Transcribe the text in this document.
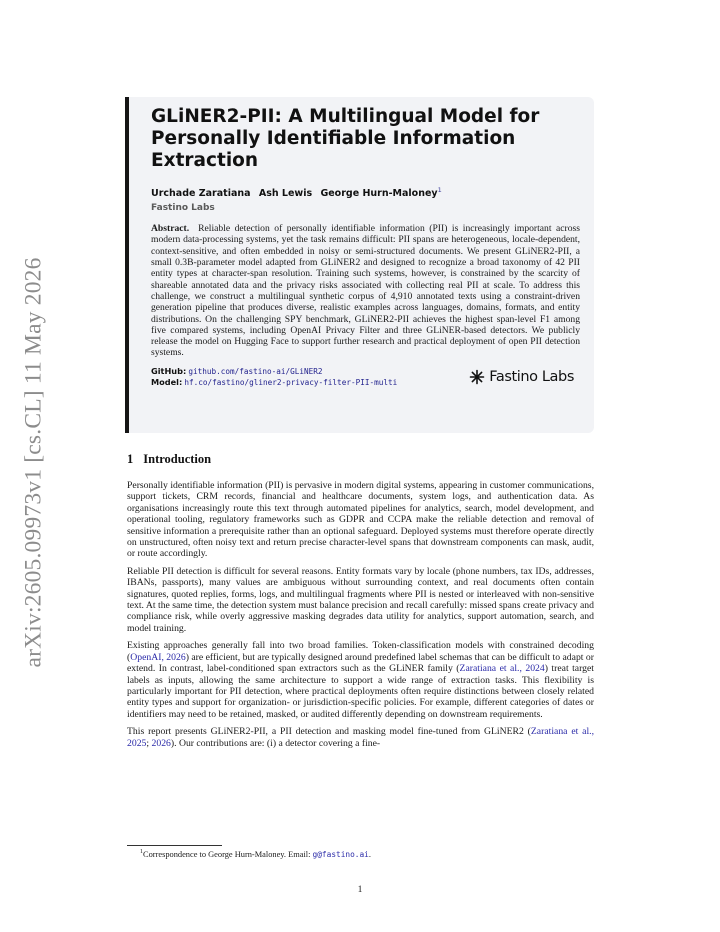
arXiv:2605.09973v1 [cs.CL] 11 May 2026
GLiNER2-PII: A Multilingual Model for Personally Identifiable Information Extraction
Urchade Zaratiana Ash Lewis George Hurn-Maloney$^1$
Fastino Labs

Abstract. Reliable detection of personally identifiable information (PII) is increasingly important across modern data-processing systems, yet the task remains difficult: PII spans are heterogeneous, locale-dependent, context-sensitive, and often embedded in noisy or semi-structured documents. We present GLiNER2-PII, a small 0.3B-parameter model adapted from GLiNER2 and designed to recognize a broad taxonomy of 42 PII entity types at character-span resolution. Training such systems, however, is constrained by the scarcity of shareable annotated data and the privacy risks associated with collecting real PII at scale. To address this challenge, we construct a multilingual synthetic corpus of 4,910 annotated texts using a constraint-driven generation pipeline that produces diverse, realistic examples across languages, domains, formats, and entity distributions. On the challenging SPY benchmark, GLiNER2-PII achieves the highest span-level F1 among five compared systems, including OpenAI Privacy Filter and three GLiNER-based detectors. We publicly release the model on Hugging Face to support further research and practical deployment of open PII detection systems.

GitHub: github.com/fastino-ai/GLiNER2
Model: hf.co/fastino/gliner2-privacy-filter-PII-multi	Fastino Labs
1 Introduction

Personally identifiable information (PII) is pervasive in modern digital systems, appearing in customer communications, support tickets, CRM records, financial and healthcare documents, system logs, and authentication data. As organisations increasingly route this text through automated pipelines for analytics, search, model development, and operational tooling, regulatory frameworks such as GDPR and CCPA make the reliable detection and removal of sensitive information a prerequisite rather than an optional safeguard. Deployed systems must therefore operate directly on unstructured, often noisy text and return precise character-level spans that downstream components can mask, audit, or route accordingly.

Reliable PII detection is difficult for several reasons. Entity formats vary by locale (phone numbers, tax IDs, addresses, IBANs, passports), many values are ambiguous without surrounding context, and real documents often contain signatures, quoted replies, forms, logs, and multilingual fragments where PII is nested or interleaved with non-sensitive text. At the same time, the detection system must balance precision and recall carefully: missed spans create privacy and compliance risk, while overly aggressive masking degrades data utility for analytics, support automation, search, and model training.

Existing approaches generally fall into two broad families. Token-classification models with constrained decoding (OpenAI, 2026) are efficient, but are typically designed around predefined label schemas that can be difficult to adapt or extend. In contrast, label-conditioned span extractors such as the GLiNER family (Zaratiana et al., 2024) treat target labels as inputs, allowing the same architecture to support a wide range of extraction tasks. This flexibility is particularly important for PII detection, where practical deployments often require distinctions between closely related entity types and support for organization- or jurisdiction-specific policies. For example, different categories of dates or identifiers may need to be retained, masked, or audited differently depending on downstream requirements.

This report presents GLiNER2-PII, a PII detection and masking model fine-tuned from GLiNER2 (Zaratiana et al., 2025; 2026). Our contributions are: (i) a detector covering a fine-

$^1$Correspondence to George Hurn-Maloney. Email: g@fastino.ai.
1
